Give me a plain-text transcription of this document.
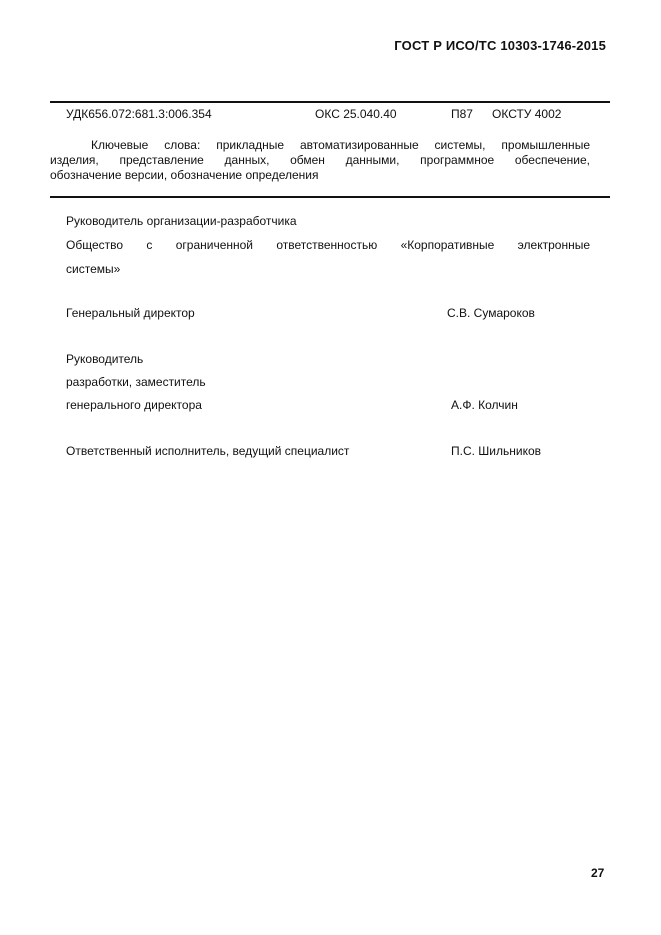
ГОСТ Р ИСО/ТС 10303-1746-2015
УДК656.072:681.3:006.354	ОКС 25.040.40	П87 ОКСТУ 4002
Ключевые слова: прикладные автоматизированные системы, промышленные
изделия, представление данных, обмен данными, программное обеспечение,
обозначение версии, обозначение определения
Руководитель организации-разработчика
Общество с ограниченной ответственностью «Корпоративные электронные
системы»
Генеральный директор	С.В. Сумароков
Руководитель
разработки, заместитель
генерального директора	А.Ф. Колчин
Ответственный исполнитель, ведущий специалист	П.С. Шильников
27
